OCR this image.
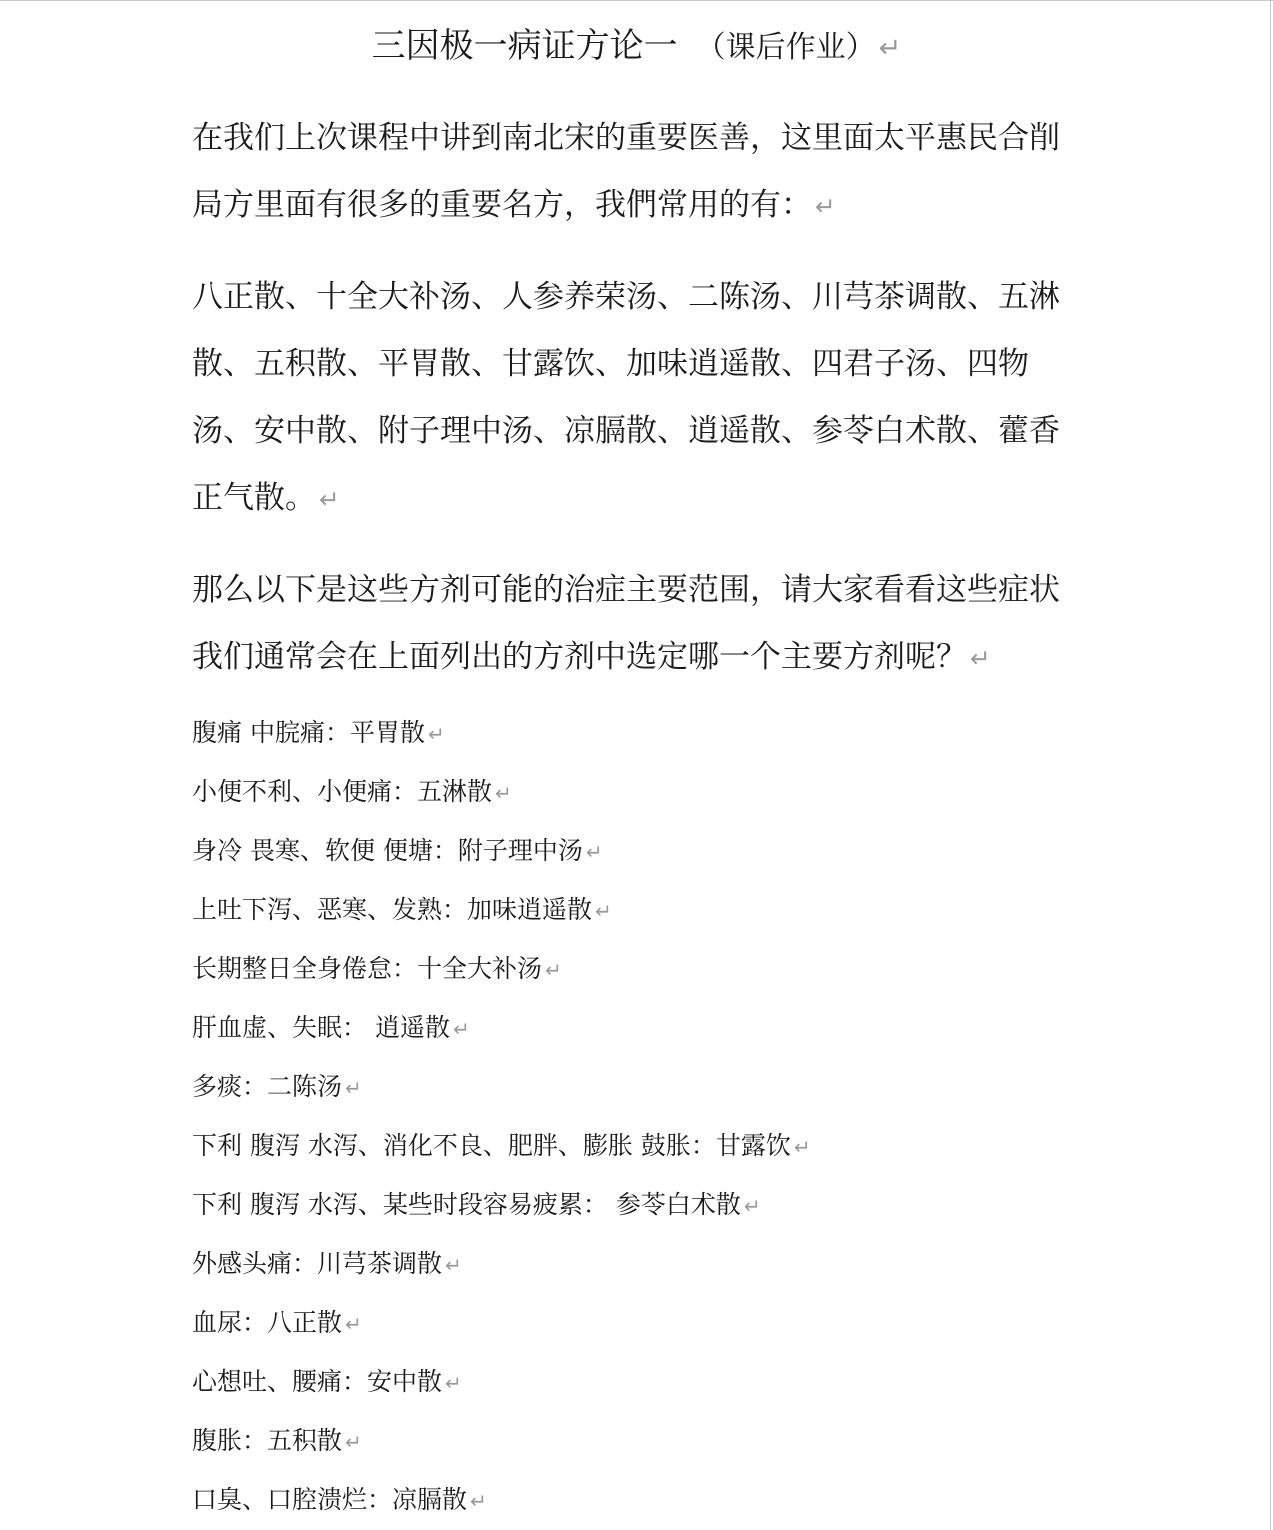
三因极一病证方论一 （课后作业） ↵

在我们上次课程中讲到南北宋的重要医善，这里面太平惠民合削局方里面有很多的重要名方，我們常用的有： ↵

八正散、十全大补汤、人参养荣汤、二陈汤、川芎茶调散、五淋散、五积散、平胃散、甘露饮、加味逍遥散、四君子汤、四物汤、安中散、附子理中汤、凉膈散、逍遥散、参苓白术散、藿香正气散。 ↵

那么以下是这些方剂可能的治症主要范围，请大家看看这些症状我们通常会在上面列出的方剂中选定哪一个主要方剂呢？ ↵

腹痛 中脘痛：平胃散 ↵
小便不利、小便痛：五淋散 ↵
身冷 畏寒、软便 便塘：附子理中汤 ↵
上吐下泻、恶寒、发熟：加味逍遥散 ↵
长期整日全身倦怠：十全大补汤 ↵
肝血虚、失眠： 逍遥散 ↵
多痰：二陈汤 ↵
下利 腹泻 水泻、消化不良、肥胖、膨胀 鼓胀：甘露饮 ↵
下利 腹泻 水泻、某些时段容易疲累： 参苓白术散 ↵
外感头痛：川芎茶调散 ↵
血尿：八正散 ↵
心想吐、腰痛：安中散 ↵
腹胀：五积散 ↵
口臭、口腔溃烂：凉膈散 ↵
